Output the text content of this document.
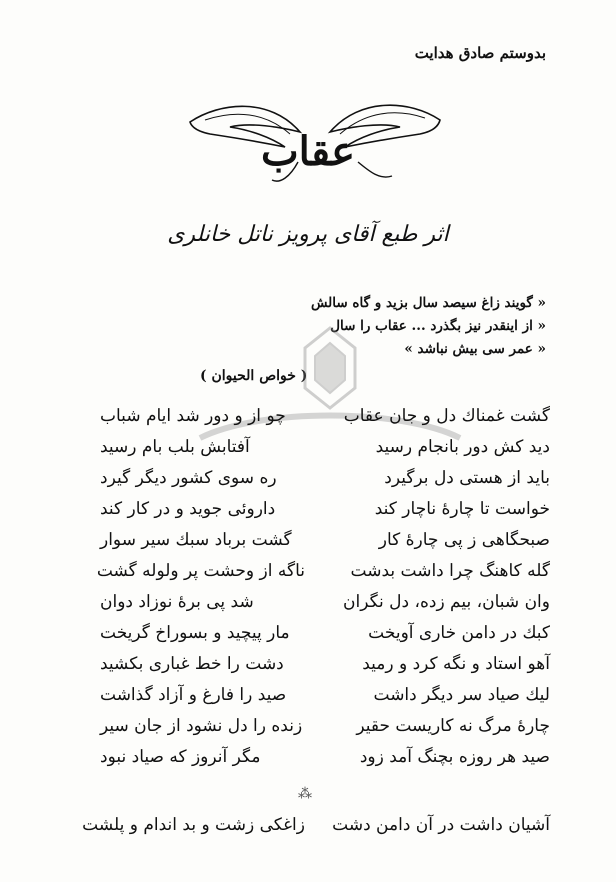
بدوستم صادق هدایت
عقاب
اثر طبع آقای پرویز ناتل خانلری
« گویند زاغ سیصد سال بزید و گاه سالش
« از اینقدر نیز بگذرد ... عقاب را سال
« عمر سی بیش نباشد »
( خواص الحیوان )
گشت غمناك دل و جان عقاب
چو از و دور شد ایام شباب
دید كش دور بانجام رسید
آفتابش بلب بام رسید
باید از هستی دل برگیرد
ره سوی كشور دیگر گیرد
خواست تا چارهٔ ناچار كند
داروئی جوید و در كار كند
صبحگاهی ز پی چارهٔ كار
گشت برباد سبك سیر سوار
گله كاهنگ چرا داشت بدشت
ناگه از وحشت پر ولوله گشت
وان شبان، بیم زده، دل نگران
شد پی برهٔ نوزاد دوان
كبك در دامن خاری آویخت
مار پیچید و بسوراخ گریخت
آهو استاد و نگه كرد و رمید
دشت را خط غباری بكشید
لیك صیاد سر دیگر داشت
صید را فارغ و آزاد گذاشت
چارهٔ مرگ نه كاریست حقیر
زنده را دل نشود از جان سیر
صید هر روزه بچنگ آمد زود
مگر آنروز كه صیاد نبود
⁂
آشیان داشت در آن دامن دشت
زاغكی زشت و بد اندام و پلشت
